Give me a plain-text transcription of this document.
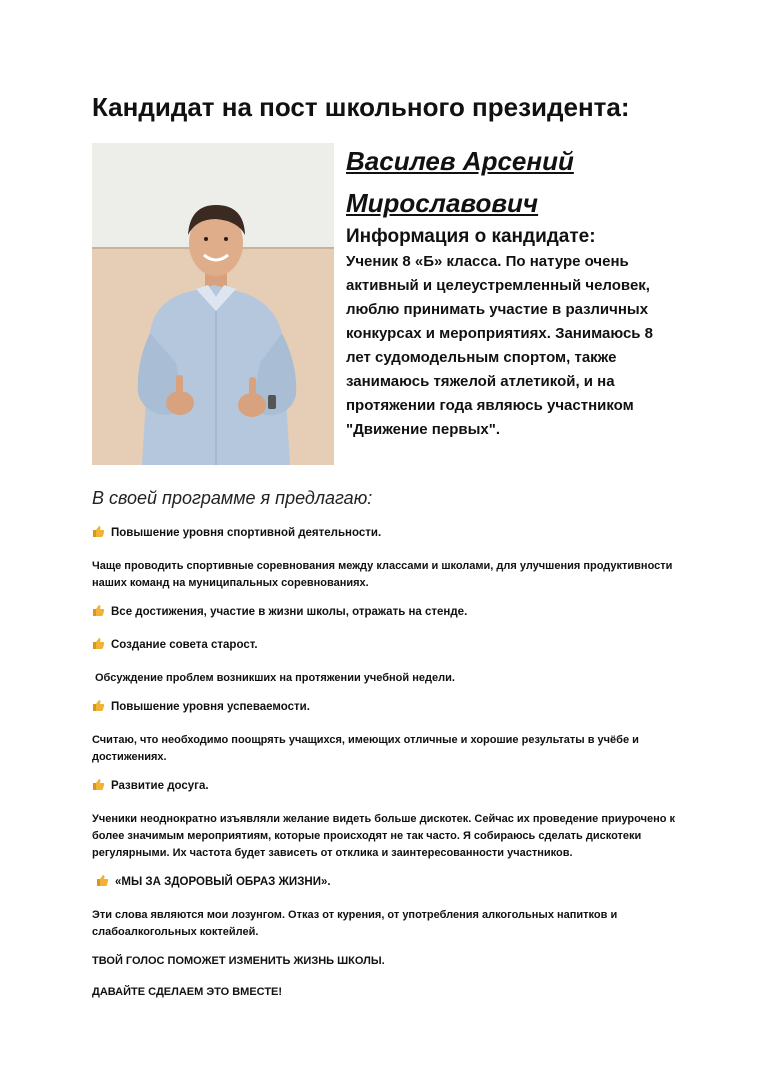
Кандидат на пост школьного президента:
Василев Арсений Мирославович
Информация о кандидате:

Ученик 8 «Б» класса. По натуре очень активный и целеустремленный человек, люблю принимать участие в различных конкурсах и мероприятиях. Занимаюсь 8 лет судомодельным спортом, также занимаюсь тяжелой атлетикой, и на протяжении года являюсь участником "Движение первых".

В своей программе я предлагаю:

Повышение уровня спортивной деятельности.

Чаще проводить спортивные соревнования между классами и школами, для улучшения продуктивности наших команд на муниципальных соревнованиях.

Все достижения, участие в жизни школы, отражать на стенде.

Создание совета старост.

Обсуждение проблем возникших на протяжении учебной недели.

Повышение уровня успеваемости.

Считаю, что необходимо поощрять учащихся, имеющих отличные и хорошие результаты в учёбе и достижениях.

Развитие досуга.

Ученики неоднократно изъявляли желание видеть больше дискотек. Сейчас их проведение приурочено к более значимым мероприятиям, которые происходят не так часто. Я собираюсь сделать дискотеки регулярными. Их частота будет зависеть от отклика и заинтересованности участников.

«МЫ ЗА ЗДОРОВЫЙ ОБРАЗ ЖИЗНИ».

Эти слова являются мои лозунгом. Отказ от курения, от употребления алкогольных напитков и слабоалкогольных коктейлей.

ТВОЙ ГОЛОС ПОМОЖЕТ ИЗМЕНИТЬ ЖИЗНЬ ШКОЛЫ.

ДАВАЙТЕ СДЕЛАЕМ ЭТО ВМЕСТЕ!
